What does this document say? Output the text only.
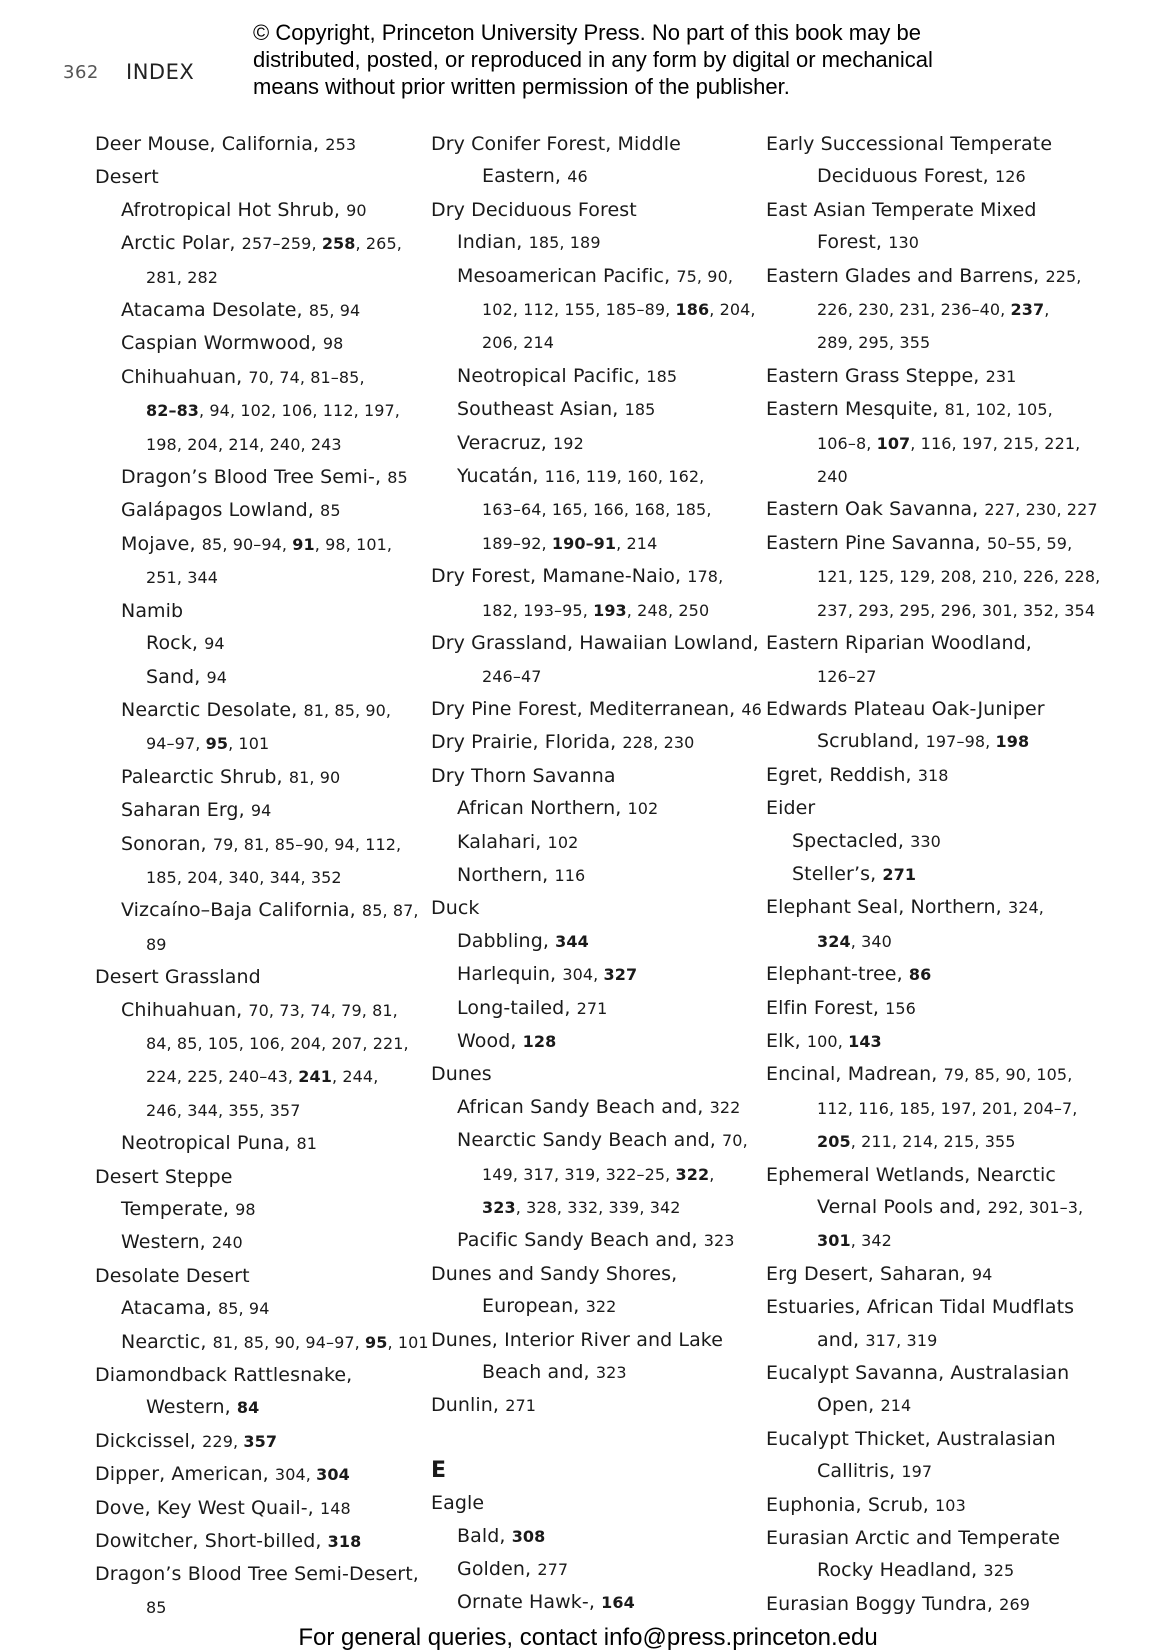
362 INDEX
© Copyright, Princeton University Press. No part of this book may be
distributed, posted, or reproduced in any form by digital or mechanical
means without prior written permission of the publisher.
Deer Mouse, California, 253
Desert
Afrotropical Hot Shrub, 90
Arctic Polar, 257–259, 258, 265,
281, 282
Atacama Desolate, 85, 94
Caspian Wormwood, 98
Chihuahuan, 70, 74, 81–85,
82–83, 94, 102, 106, 112, 197,
198, 204, 214, 240, 243
Dragon’s Blood Tree Semi-, 85
Galápagos Lowland, 85
Mojave, 85, 90–94, 91, 98, 101,
251, 344
Namib
Rock, 94
Sand, 94
Nearctic Desolate, 81, 85, 90,
94–97, 95, 101
Palearctic Shrub, 81, 90
Saharan Erg, 94
Sonoran, 79, 81, 85–90, 94, 112,
185, 204, 340, 344, 352
Vizcaíno–Baja California, 85, 87,
89
Desert Grassland
Chihuahuan, 70, 73, 74, 79, 81,
84, 85, 105, 106, 204, 207, 221,
224, 225, 240–43, 241, 244,
246, 344, 355, 357
Neotropical Puna, 81
Desert Steppe
Temperate, 98
Western, 240
Desolate Desert
Atacama, 85, 94
Nearctic, 81, 85, 90, 94–97, 95, 101
Diamondback Rattlesnake,
Western, 84
Dickcissel, 229, 357
Dipper, American, 304, 304
Dove, Key West Quail-, 148
Dowitcher, Short-billed, 318
Dragon’s Blood Tree Semi-Desert,
85
Dry Conifer Forest, Middle
Eastern, 46
Dry Deciduous Forest
Indian, 185, 189
Mesoamerican Pacific, 75, 90,
102, 112, 155, 185–89, 186, 204,
206, 214
Neotropical Pacific, 185
Southeast Asian, 185
Veracruz, 192
Yucatán, 116, 119, 160, 162,
163–64, 165, 166, 168, 185,
189–92, 190–91, 214
Dry Forest, Mamane-Naio, 178,
182, 193–95, 193, 248, 250
Dry Grassland, Hawaiian Lowland,
246–47
Dry Pine Forest, Mediterranean, 46
Dry Prairie, Florida, 228, 230
Dry Thorn Savanna
African Northern, 102
Kalahari, 102
Northern, 116
Duck
Dabbling, 344
Harlequin, 304, 327
Long-tailed, 271
Wood, 128
Dunes
African Sandy Beach and, 322
Nearctic Sandy Beach and, 70,
149, 317, 319, 322–25, 322,
323, 328, 332, 339, 342
Pacific Sandy Beach and, 323
Dunes and Sandy Shores,
European, 322
Dunes, Interior River and Lake
Beach and, 323
Dunlin, 271
E
Eagle
Bald, 308
Golden, 277
Ornate Hawk-, 164
Early Successional Temperate
Deciduous Forest, 126
East Asian Temperate Mixed
Forest, 130
Eastern Glades and Barrens, 225,
226, 230, 231, 236–40, 237,
289, 295, 355
Eastern Grass Steppe, 231
Eastern Mesquite, 81, 102, 105,
106–8, 107, 116, 197, 215, 221,
240
Eastern Oak Savanna, 227, 230, 227
Eastern Pine Savanna, 50–55, 59,
121, 125, 129, 208, 210, 226, 228,
237, 293, 295, 296, 301, 352, 354
Eastern Riparian Woodland,
126–27
Edwards Plateau Oak-Juniper
Scrubland, 197–98, 198
Egret, Reddish, 318
Eider
Spectacled, 330
Steller’s, 271
Elephant Seal, Northern, 324,
324, 340
Elephant-tree, 86
Elfin Forest, 156
Elk, 100, 143
Encinal, Madrean, 79, 85, 90, 105,
112, 116, 185, 197, 201, 204–7,
205, 211, 214, 215, 355
Ephemeral Wetlands, Nearctic
Vernal Pools and, 292, 301–3,
301, 342
Erg Desert, Saharan, 94
Estuaries, African Tidal Mudflats
and, 317, 319
Eucalypt Savanna, Australasian
Open, 214
Eucalypt Thicket, Australasian
Callitris, 197
Euphonia, Scrub, 103
Eurasian Arctic and Temperate
Rocky Headland, 325
Eurasian Boggy Tundra, 269
For general queries, contact info@press.princeton.edu
